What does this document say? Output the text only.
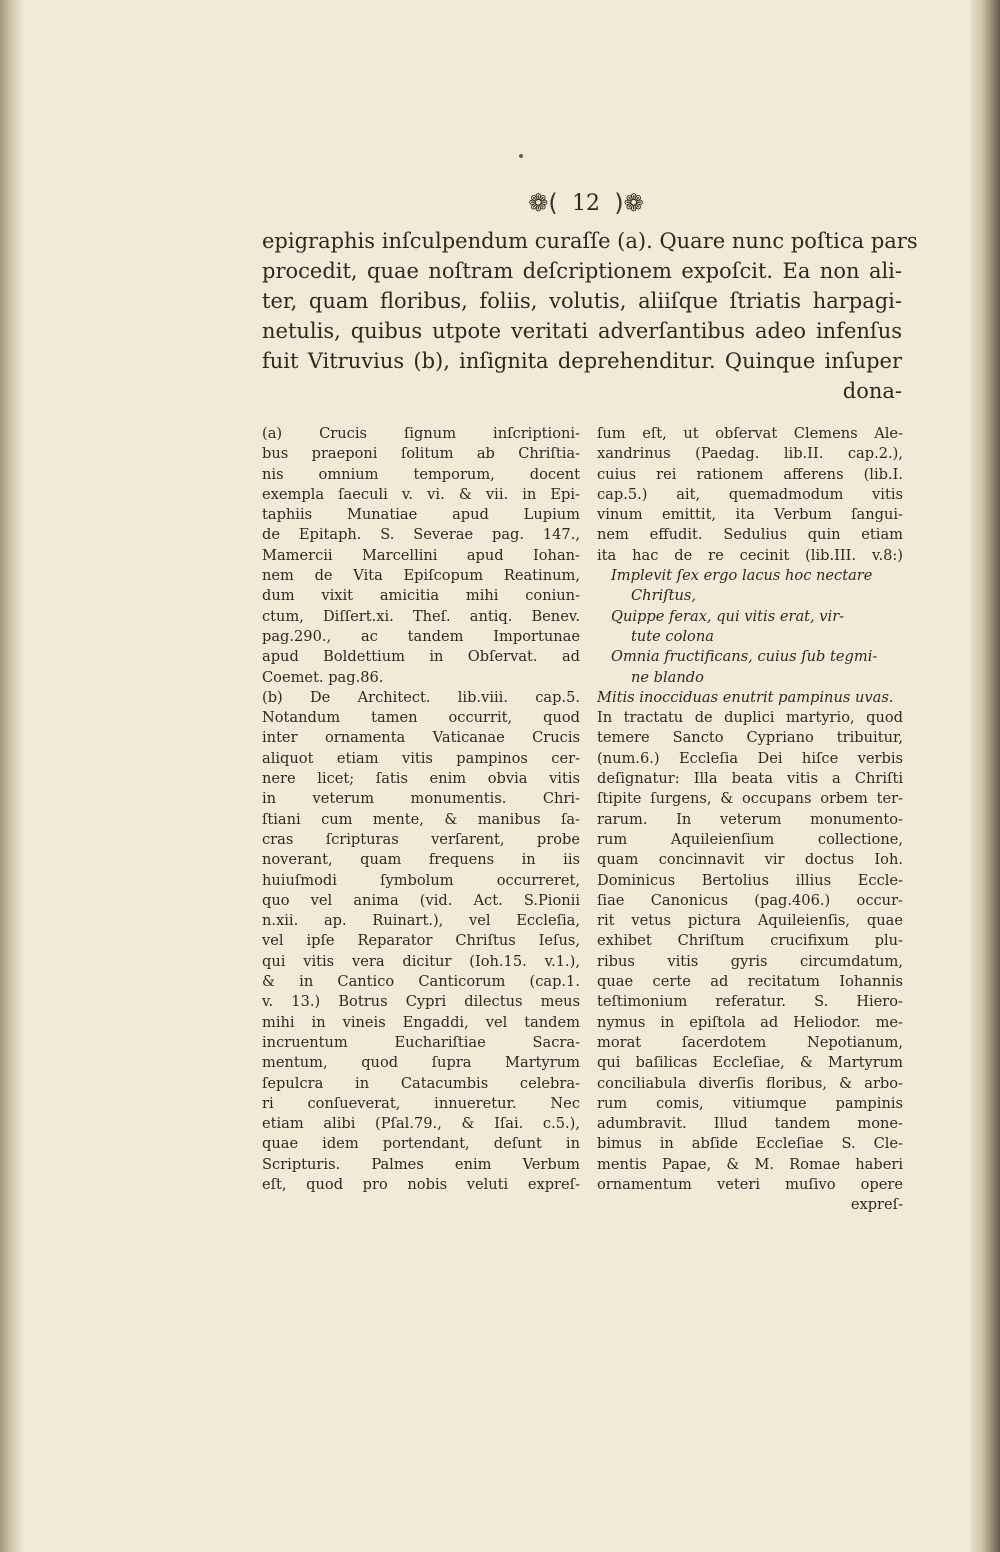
❁( 12 )❁
epigraphis inſculpendum curaſſe (a). Quare nunc poſtica pars
procedit, quae noſtram deſcriptionem expoſcit. Ea non ali-
ter, quam floribus, foliis, volutis, aliiſque ſtriatis harpagi-
netulis, quibus utpote veritati adverſantibus adeo infenſus
fuit Vitruvius (b), inſignita deprehenditur. Quinque inſuper
dona-
(a) Crucis ſignum inſcriptioni-
bus praeponi ſolitum ab Chriſtia-
nis omnium temporum, docent
exempla ſaeculi v. vi. & vii. in Epi-
taphiis Munatiae apud Lupium
de Epitaph. S. Severae pag. 147.,
Mamercii Marcellini apud Iohan-
nem de Vita Epiſcopum Reatinum,
dum vixit amicitia mihi coniun-
ctum, Diſſert.xi. Theſ. antiq. Benev.
pag.290., ac tandem Importunae
apud Boldettium in Obſervat. ad
Coemet. pag.86.
(b) De Architect. lib.viii. cap.5.
Notandum tamen occurrit, quod
inter ornamenta Vaticanae Crucis
aliquot etiam vitis pampinos cer-
nere licet; ſatis enim obvia vitis
in veterum monumentis. Chri-
ſtiani cum mente, & manibus ſa-
cras ſcripturas verſarent, probe
noverant, quam frequens in iis
huiuſmodi ſymbolum occurreret,
quo vel anima (vid. Act. S.Pionii
n.xii. ap. Ruinart.), vel Eccleſia,
vel ipſe Reparator Chriſtus Ieſus,
qui vitis vera dicitur (Ioh.15. v.1.),
& in Cantico Canticorum (cap.1.
v. 13.) Botrus Cypri dilectus meus
mihi in vineis Engaddi, vel tandem
incruentum Euchariſtiae Sacra-
mentum, quod ſupra Martyrum
ſepulcra in Catacumbis celebra-
ri conſueverat, innueretur. Nec
etiam alibi (Pſal.79., & Iſai. c.5.),
quae idem portendant, deſunt in
Scripturis. Palmes enim Verbum
eſt, quod pro nobis veluti expreſ-
ſum eſt, ut obſervat Clemens Ale-
xandrinus (Paedag. lib.II. cap.2.),
cuius rei rationem afferens (lib.I.
cap.5.) ait, quemadmodum vitis
vinum emittit, ita Verbum ſangui-
nem effudit. Sedulius quin etiam
ita hac de re cecinit (lib.III. v.8:)
Implevit ſex ergo lacus hoc nectare
Chriſtus,
Quippe ferax, qui vitis erat, vir-
tute colona
Omnia fructificans, cuius ſub tegmi-
ne blando
Mitis inocciduas enutrit pampinus uvas.
In tractatu de duplici martyrio, quod
temere Sancto Cypriano tribuitur,
(num.6.) Eccleſia Dei hiſce verbis
deſignatur: Illa beata vitis a Chriſti
ſtipite ſurgens, & occupans orbem ter-
rarum. In veterum monumento-
rum Aquileienſium collectione,
quam concinnavit vir doctus Ioh.
Dominicus Bertolius illius Eccle-
ſiae Canonicus (pag.406.) occur-
rit vetus pictura Aquileienſis, quae
exhibet Chriſtum crucifixum plu-
ribus vitis gyris circumdatum,
quae certe ad recitatum Iohannis
teſtimonium referatur. S. Hiero-
nymus in epiſtola ad Heliodor. me-
morat ſacerdotem Nepotianum,
qui baſilicas Eccleſiae, & Martyrum
conciliabula diverſis floribus, & arbo-
rum comis, vitiumque pampinis
adumbravit. Illud tandem mone-
bimus in abſide Eccleſiae S. Cle-
mentis Papae, & M. Romae haberi
ornamentum veteri muſivo opere
expreſ-
